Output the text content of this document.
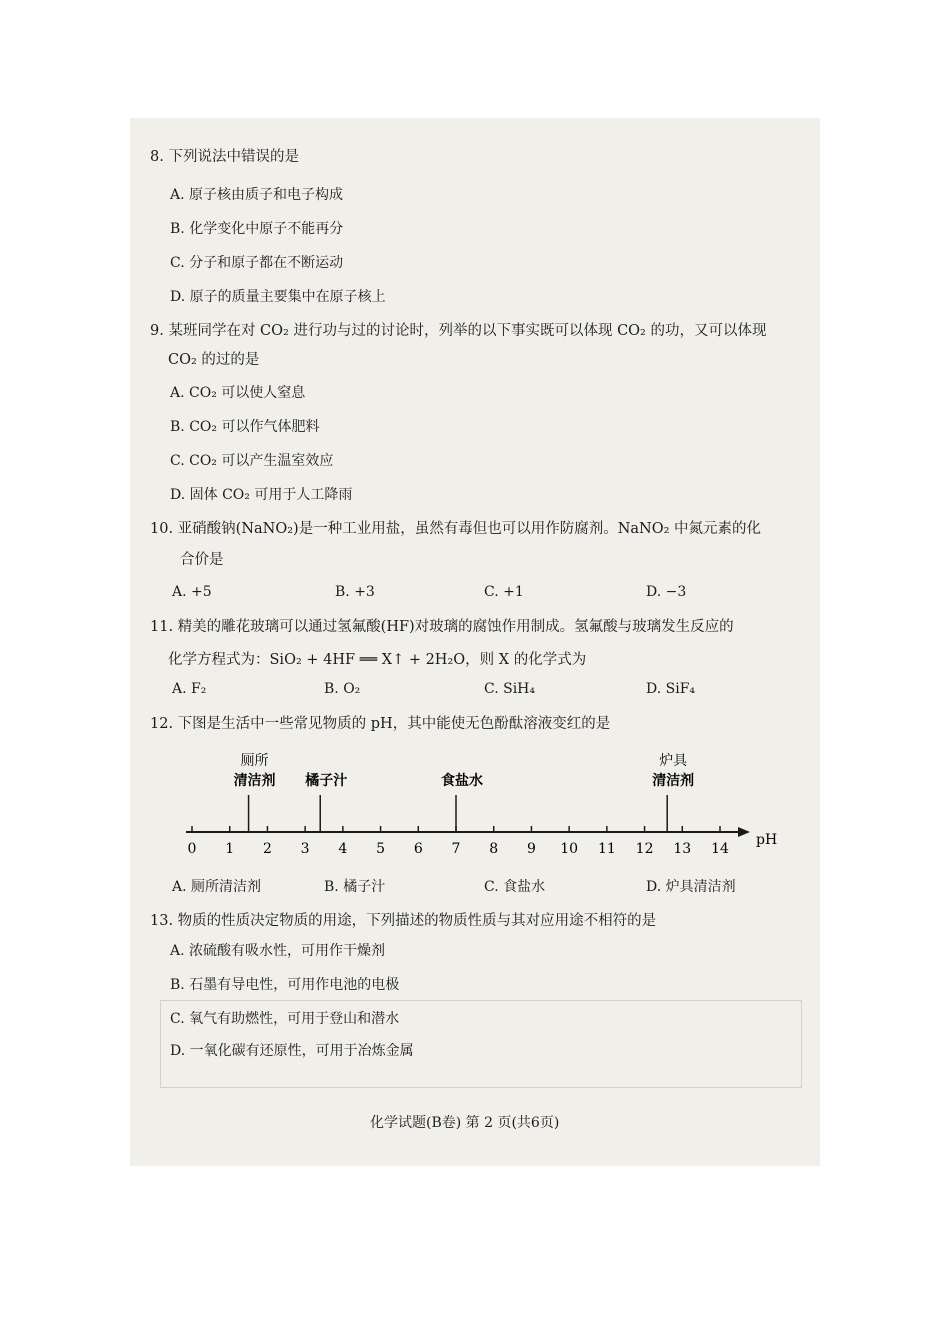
8. 下列说法中错误的是
A. 原子核由质子和电子构成
B. 化学变化中原子不能再分
C. 分子和原子都在不断运动
D. 原子的质量主要集中在原子核上
9. 某班同学在对 CO₂ 进行功与过的讨论时，列举的以下事实既可以体现 CO₂ 的功，又可以体现
CO₂ 的过的是
A. CO₂ 可以使人窒息
B. CO₂ 可以作气体肥料
C. CO₂ 可以产生温室效应
D. 固体 CO₂ 可用于人工降雨
10. 亚硝酸钠(NaNO₂)是一种工业用盐，虽然有毒但也可以用作防腐剂。NaNO₂ 中氮元素的化
合价是
A. +5	B. +3	C. +1	D. −3
11. 精美的雕花玻璃可以通过氢氟酸(HF)对玻璃的腐蚀作用制成。氢氟酸与玻璃发生反应的
化学方程式为：SiO₂ + 4HF ══ X↑ + 2H₂O，则 X 的化学式为
A. F₂	B. O₂	C. SiH₄	D. SiF₄
12. 下图是生活中一些常见物质的 pH，其中能使无色酚酞溶液变红的是
pH
0 1 2 3 4 5 6 7 8 9 10 11 12 13 14
厕所
清洁剂 橘子汁	食盐水
炉具
清洁剂
A. 厕所清洁剂	B. 橘子汁	C. 食盐水	D. 炉具清洁剂
13. 物质的性质决定物质的用途，下列描述的物质性质与其对应用途不相符的是
A. 浓硫酸有吸水性，可用作干燥剂
B. 石墨有导电性，可用作电池的电极
C. 氧气有助燃性，可用于登山和潜水
D. 一氧化碳有还原性，可用于冶炼金属
化学试题(B卷) 第 2 页(共6页)
